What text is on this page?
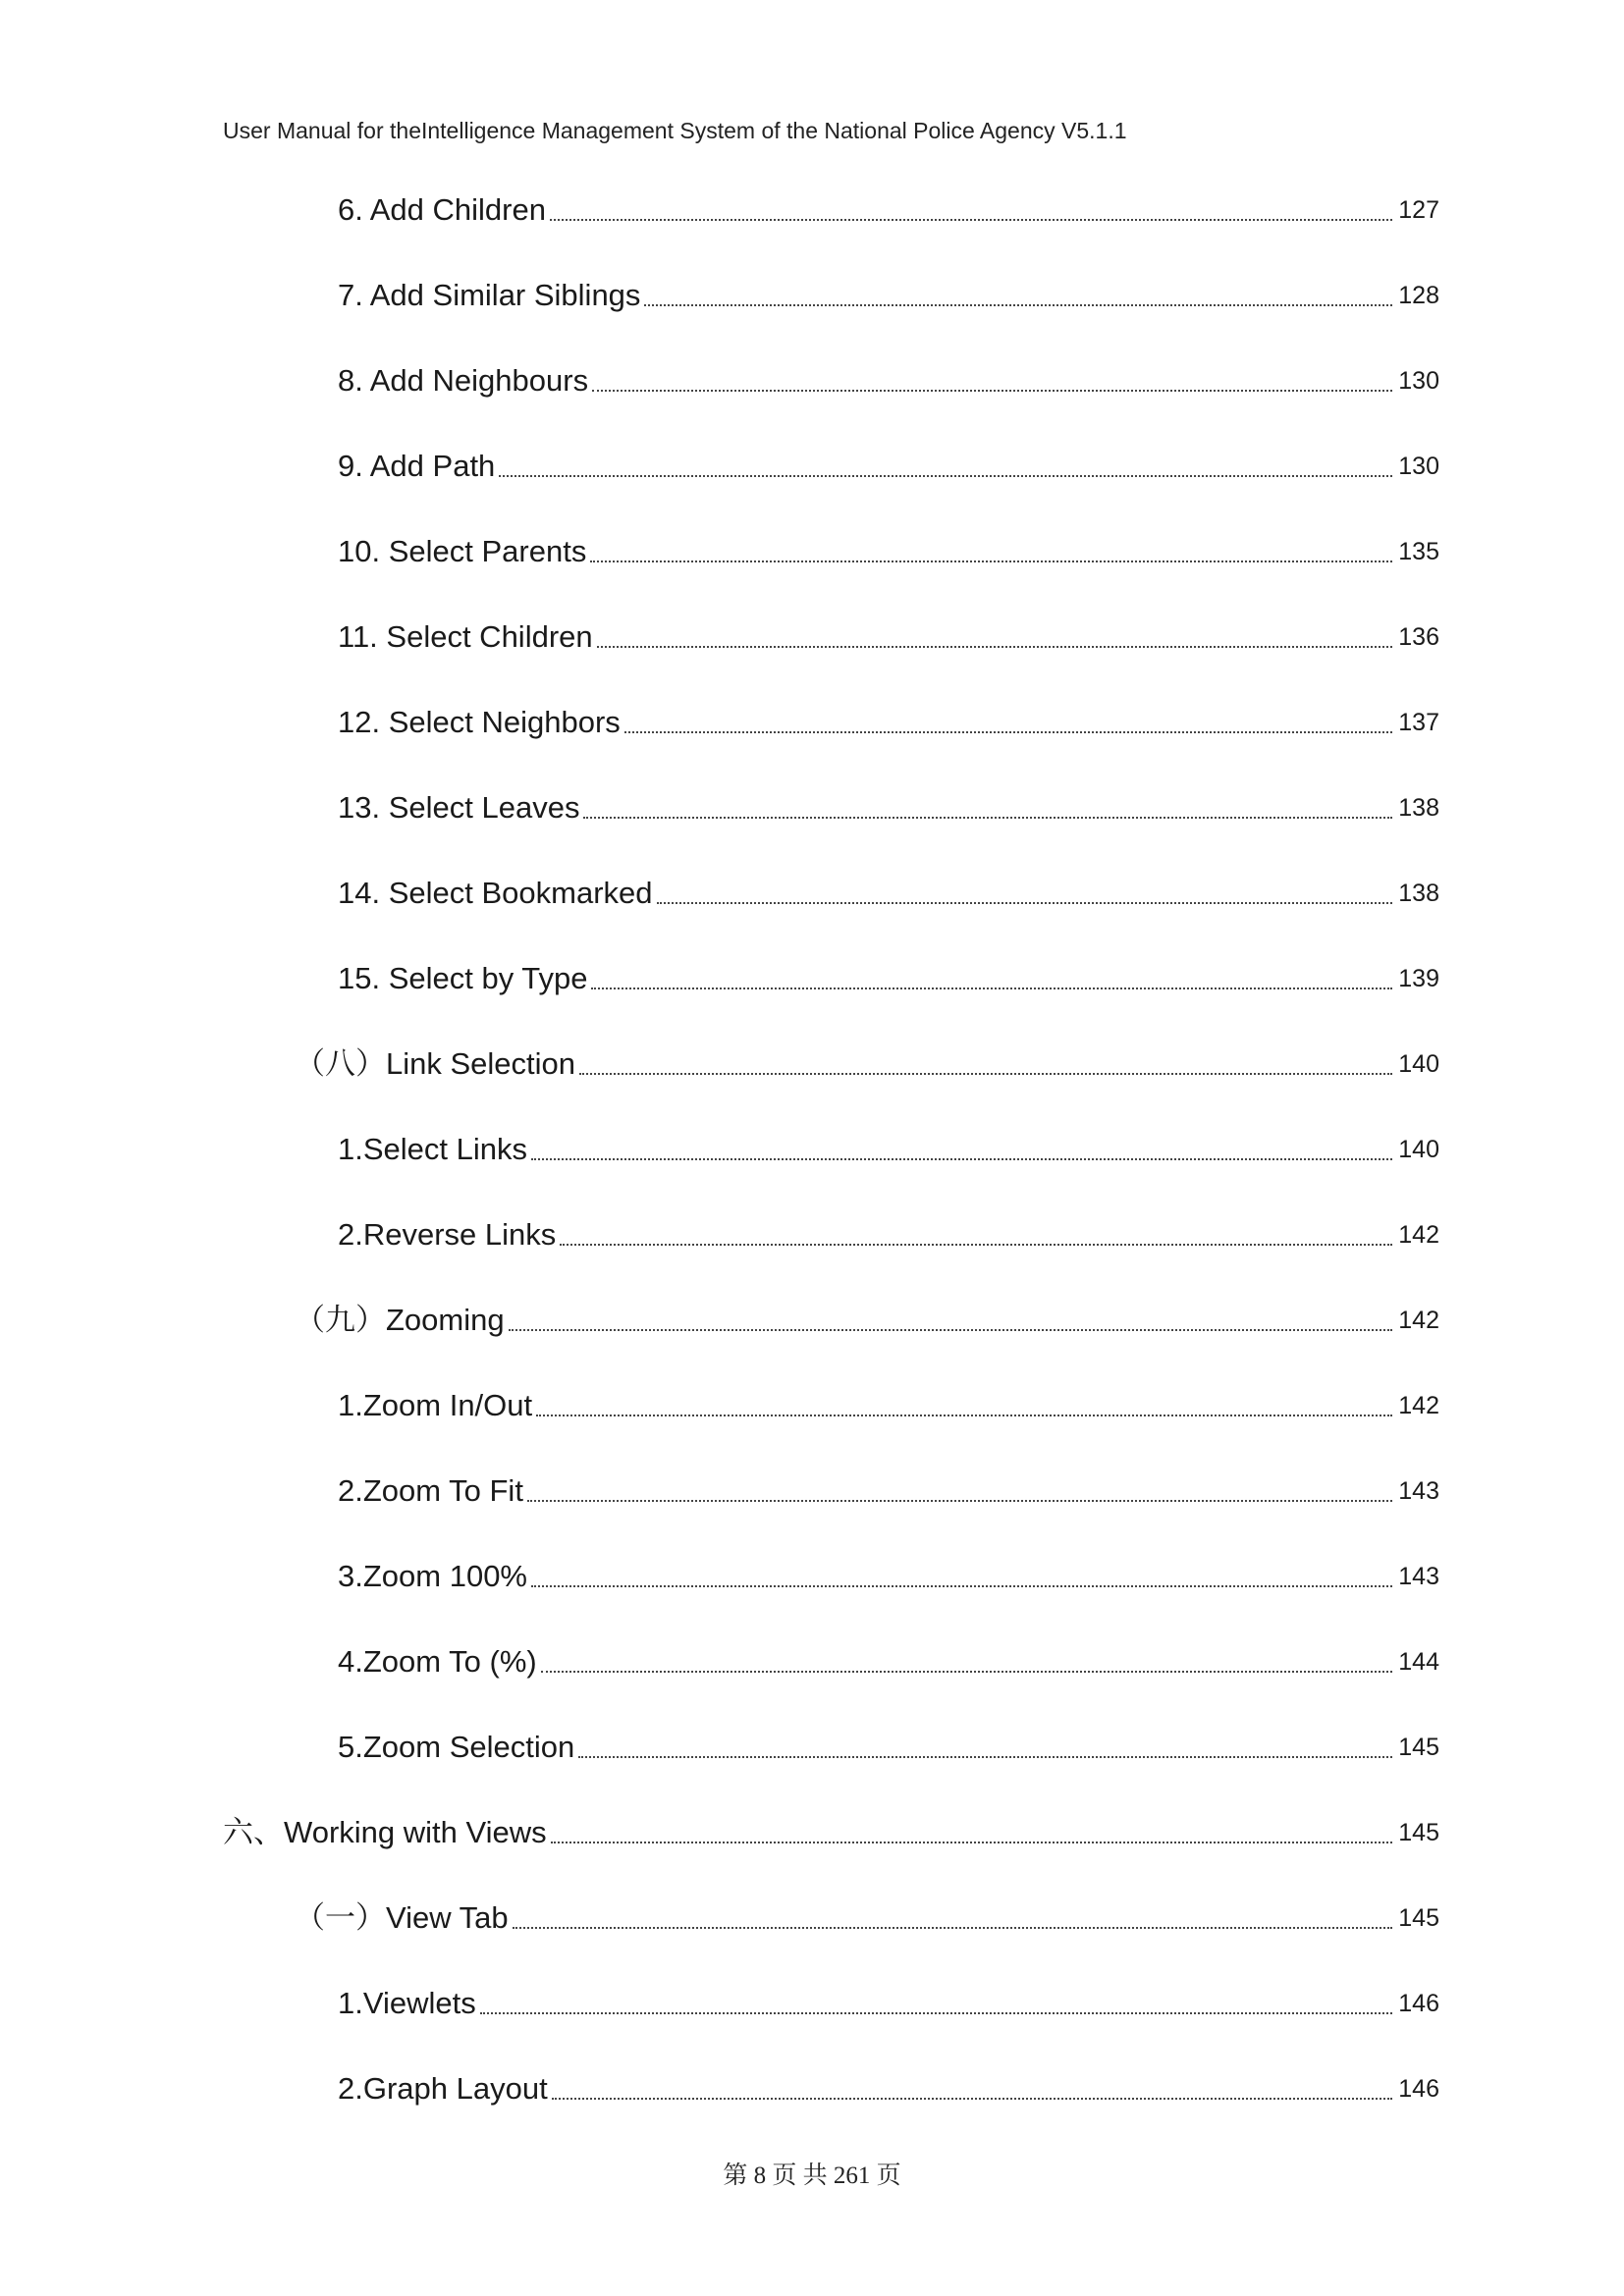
User Manual for theIntelligence Management System of the National Police Agency V5.1.1
6. Add Children	127
7. Add Similar Siblings	128
8. Add Neighbours	130
9. Add Path	130
10. Select Parents	135
11. Select Children	136
12. Select Neighbors	137
13. Select Leaves	138
14. Select Bookmarked	138
15. Select by Type	139
（八）Link Selection	140
1.Select Links	140
2.Reverse Links	142
（九）Zooming	142
1.Zoom In/Out	142
2.Zoom To Fit	143
3.Zoom 100%	143
4.Zoom To (%)	144
5.Zoom Selection	145
六、Working with Views	145
（一）View Tab	145
1.Viewlets	146
2.Graph Layout	146
第 8 页 共 261 页
